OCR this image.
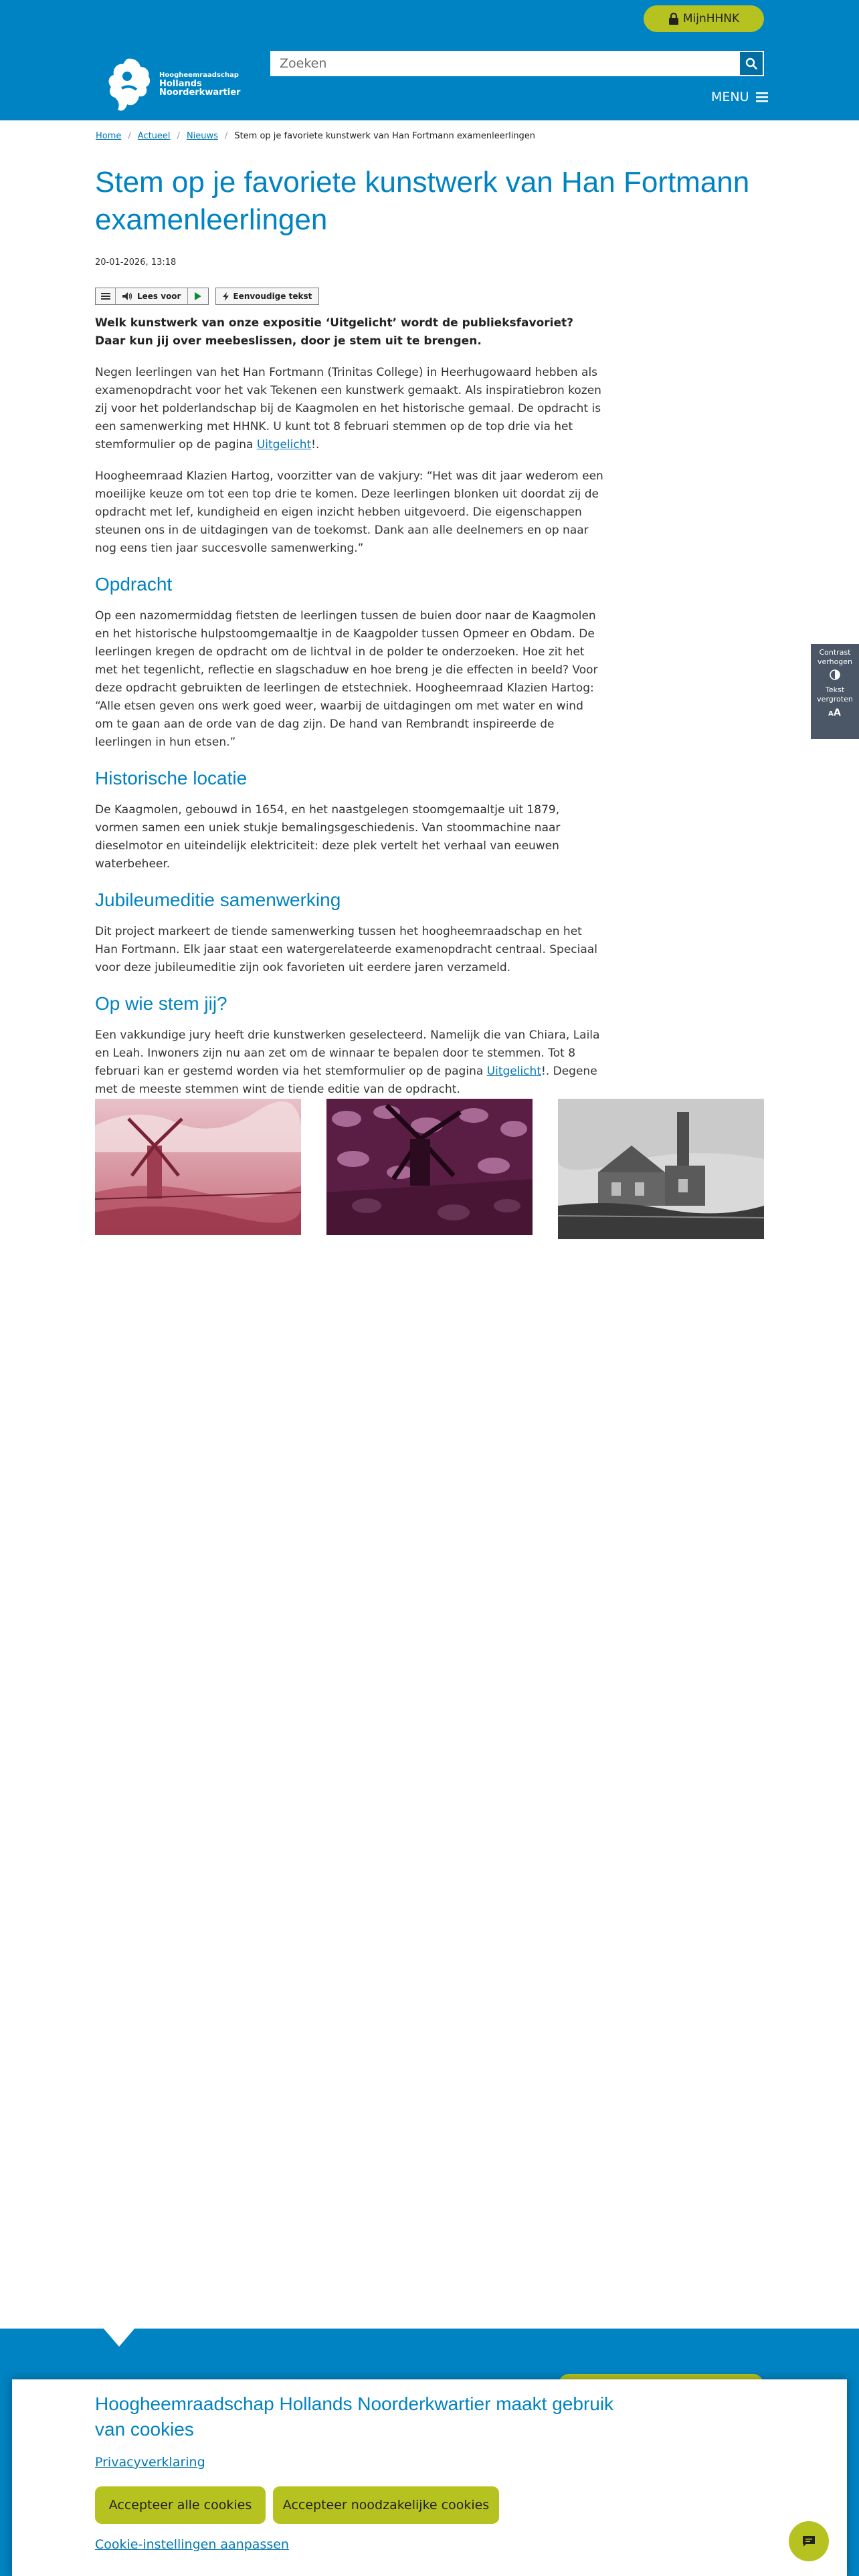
MijnHHNK
Hoogheemraadschap
Hollands
Noorderkwartier
Zoeken	MENU
Home / Actueel / Nieuws / Stem op je favoriete kunstwerk van Han Fortmann examenleerlingen
Stem op je favoriete kunstwerk van Han Fortmann examenleerlingen
20-01-2026, 13:18
Lees voor	Eenvoudige tekst

Welk kunstwerk van onze expositie ‘Uitgelicht’ wordt de publieksfavoriet? Daar kun jij over meebeslissen, door je stem uit te brengen.

Negen leerlingen van het Han Fortmann (Trinitas College) in Heerhugowaard hebben als examenopdracht voor het vak Tekenen een kunstwerk gemaakt. Als inspiratiebron kozen zij voor het polderlandschap bij de Kaagmolen en het historische gemaal. De opdracht is een samenwerking met HHNK. U kunt tot 8 februari stemmen op de top drie via het stemformulier op de pagina Uitgelicht!.

Hoogheemraad Klazien Hartog, voorzitter van de vakjury: “Het was dit jaar wederom een moeilijke keuze om tot een top drie te komen. Deze leerlingen blonken uit doordat zij de opdracht met lef, kundigheid en eigen inzicht hebben uitgevoerd. Die eigenschappen steunen ons in de uitdagingen van de toekomst. Dank aan alle deelnemers en op naar nog eens tien jaar succesvolle samenwerking.”

Opdracht

Op een nazomermiddag fietsten de leerlingen tussen de buien door naar de Kaagmolen en het historische hulpstoomgemaaltje in de Kaagpolder tussen Opmeer en Obdam. De leerlingen kregen de opdracht om de lichtval in de polder te onderzoeken. Hoe zit het met het tegenlicht, reflectie en slagschaduw en hoe breng je die effecten in beeld? Voor deze opdracht gebruikten de leerlingen de etstechniek. Hoogheemraad Klazien Hartog: “Alle etsen geven ons werk goed weer, waarbij de uitdagingen om met water en wind om te gaan aan de orde van de dag zijn. De hand van Rembrandt inspireerde de leerlingen in hun etsen.”

Historische locatie

De Kaagmolen, gebouwd in 1654, en het naastgelegen stoomgemaaltje uit 1879, vormen samen een uniek stukje bemalingsgeschiedenis. Van stoommachine naar dieselmotor en uiteindelijk elektriciteit: deze plek vertelt het verhaal van eeuwen waterbeheer.

Jubileumeditie samenwerking

Dit project markeert de tiende samenwerking tussen het hoogheemraadschap en het Han Fortmann. Elk jaar staat een watergerelateerde examenopdracht centraal. Speciaal voor deze jubileumeditie zijn ook favorieten uit eerdere jaren verzameld.

Op wie stem jij?

Een vakkundige jury heeft drie kunstwerken geselecteerd. Namelijk die van Chiara, Laila en Leah. Inwoners zijn nu aan zet om de winnaar te bepalen door te stemmen. Tot 8 februari kan er gestemd worden via het stemformulier op de pagina Uitgelicht!. Degene met de meeste stemmen wint de tiende editie van de opdracht.

Contrast verhogen
Tekst vergroten
A A
Hoogheemraadschap Hollands Noorderkwartier maakt gebruik van cookies
Privacyverklaring
Accepteer alle cookies	Accepteer noodzakelijke cookies
Cookie-instellingen aanpassen
